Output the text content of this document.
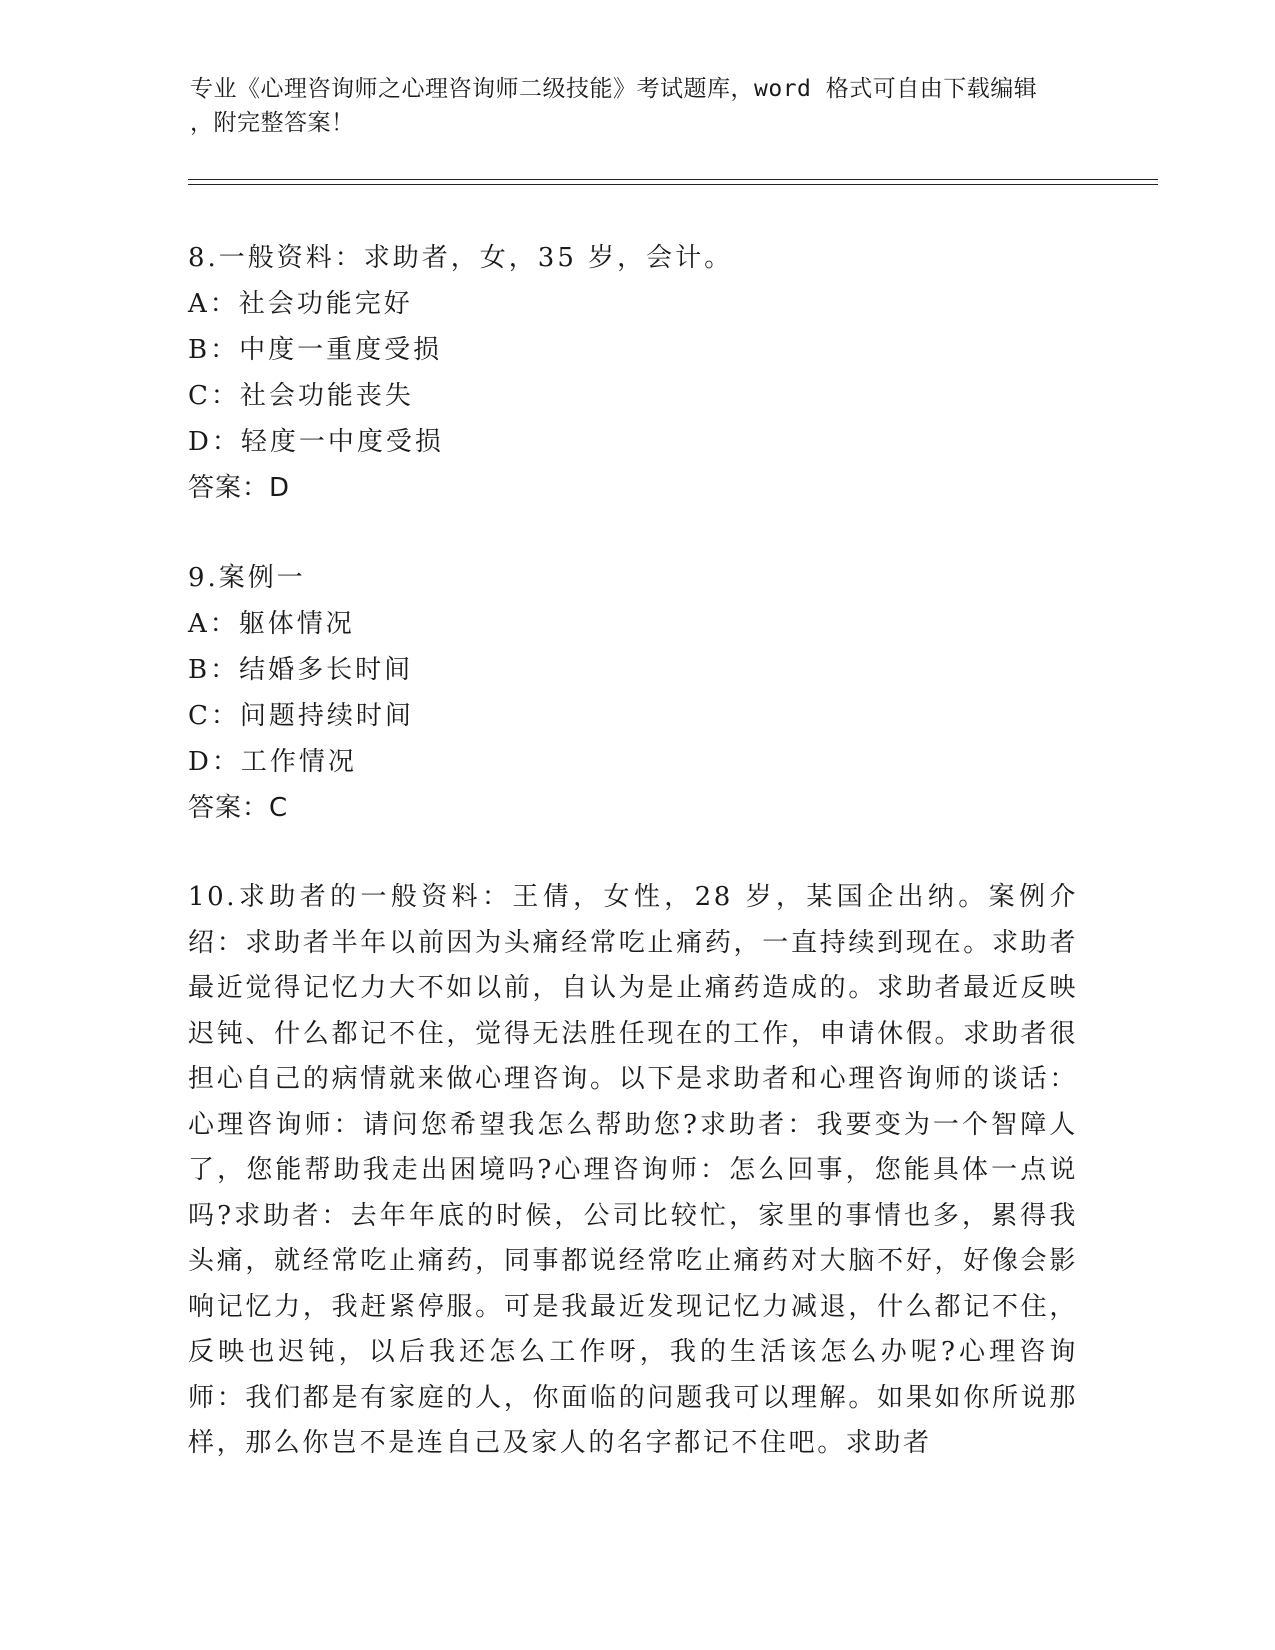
专业《心理咨询师之心理咨询师二级技能》考试题库，word 格式可自由下载编辑
，附完整答案！
8.一般资料：求助者，女，35 岁，会计。
A：社会功能完好
B：中度一重度受损
C：社会功能丧失
D：轻度一中度受损
答案：D
9.案例一
A：躯体情况
B：结婚多长时间
C：问题持续时间
D：工作情况
答案：C
10.求助者的一般资料：王倩，女性，28 岁，某国企出纳。案例介绍：求助者半年以前因为头痛经常吃止痛药，一直持续到现在。求助者最近觉得记忆力大不如以前，自认为是止痛药造成的。求助者最近反映迟钝、什么都记不住，觉得无法胜任现在的工作，申请休假。求助者很担心自己的病情就来做心理咨询。以下是求助者和心理咨询师的谈话：心理咨询师：请问您希望我怎么帮助您?求助者：我要变为一个智障人了，您能帮助我走出困境吗?心理咨询师：怎么回事，您能具体一点说吗?求助者：去年年底的时候，公司比较忙，家里的事情也多，累得我头痛，就经常吃止痛药，同事都说经常吃止痛药对大脑不好，好像会影响记忆力，我赶紧停服。可是我最近发现记忆力减退，什么都记不住，反映也迟钝，以后我还怎么工作呀，我的生活该怎么办呢?心理咨询师：我们都是有家庭的人，你面临的问题我可以理解。如果如你所说那样，那么你岂不是连自己及家人的名字都记不住吧。求助者
